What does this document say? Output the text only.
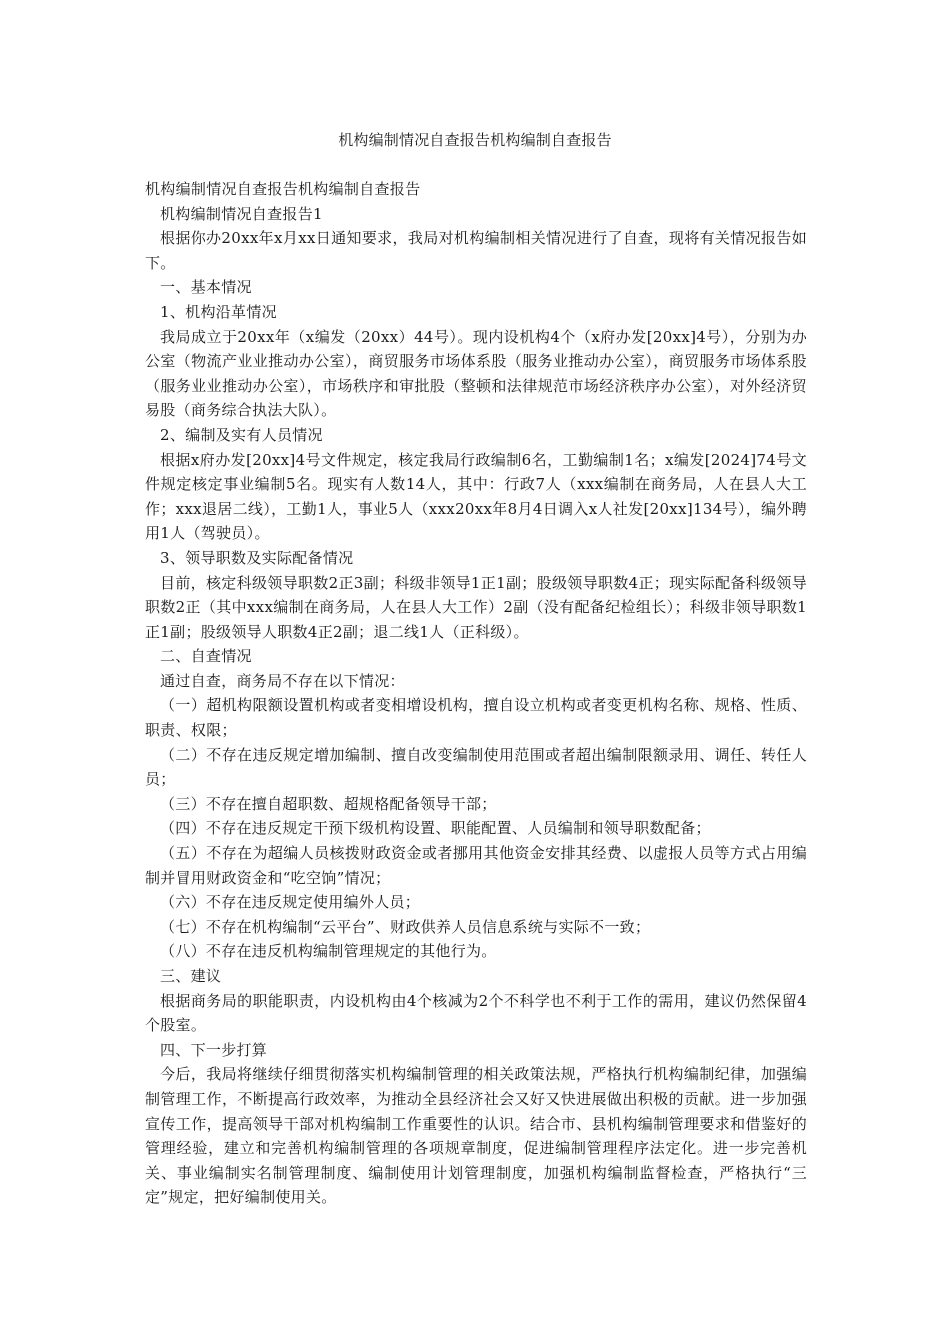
机构编制情况自查报告机构编制自查报告

机构编制情况自查报告机构编制自查报告

机构编制情况自查报告1

根据你办20xx年x月xx日通知要求，我局对机构编制相关情况进行了自查，现将有关情况报告如下。

一、基本情况

1、机构沿革情况

我局成立于20xx年（x编发（20xx）44号）。现内设机构4个（x府办发[20xx]4号），分别为办公室（物流产业业推动办公室），商贸服务市场体系股（服务业推动办公室），商贸服务市场体系股（服务业业推动办公室），市场秩序和审批股（整顿和法律规范市场经济秩序办公室），对外经济贸易股（商务综合执法大队）。

2、编制及实有人员情况

根据x府办发[20xx]4号文件规定，核定我局行政编制6名，工勤编制1名；x编发[2024]74号文件规定核定事业编制5名。现实有人数14人，其中：行政7人（xxx编制在商务局，人在县人大工作；xxx退居二线），工勤1人，事业5人（xxx20xx年8月4日调入x人社发[20xx]134号），编外聘用1人（驾驶员）。

3、领导职数及实际配备情况

目前，核定科级领导职数2正3副；科级非领导1正1副；股级领导职数4正；现实际配备科级领导职数2正（其中xxx编制在商务局，人在县人大工作）2副（没有配备纪检组长）；科级非领导职数1正1副；股级领导人职数4正2副；退二线1人（正科级）。

二、自查情况

通过自查，商务局不存在以下情况：

（一）超机构限额设置机构或者变相增设机构，擅自设立机构或者变更机构名称、规格、性质、职责、权限；

（二）不存在违反规定增加编制、擅自改变编制使用范围或者超出编制限额录用、调任、转任人员；

（三）不存在擅自超职数、超规格配备领导干部；

（四）不存在违反规定干预下级机构设置、职能配置、人员编制和领导职数配备；

（五）不存在为超编人员核拨财政资金或者挪用其他资金安排其经费、以虚报人员等方式占用编制并冒用财政资金和“吃空饷”情况；

（六）不存在违反规定使用编外人员；

（七）不存在机构编制“云平台”、财政供养人员信息系统与实际不一致；

（八）不存在违反机构编制管理规定的其他行为。

三、建议

根据商务局的职能职责，内设机构由4个核减为2个不科学也不利于工作的需用，建议仍然保留4个股室。

四、下一步打算

今后，我局将继续仔细贯彻落实机构编制管理的相关政策法规，严格执行机构编制纪律，加强编制管理工作，不断提高行政效率，为推动全县经济社会又好又快进展做出积极的贡献。进一步加强宣传工作，提高领导干部对机构编制工作重要性的认识。结合市、县机构编制管理要求和借鉴好的管理经验，建立和完善机构编制管理的各项规章制度，促进编制管理程序法定化。进一步完善机关、事业编制实名制管理制度、编制使用计划管理制度，加强机构编制监督检查，严格执行“三定”规定，把好编制使用关。
